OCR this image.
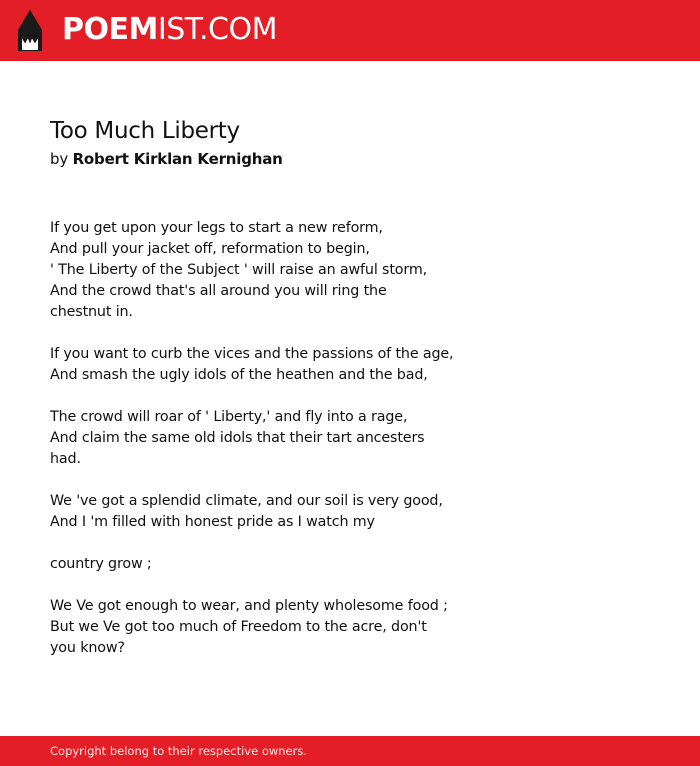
POEMIST.COM
Too Much Liberty
by Robert Kirklan Kernighan
If you get upon your legs to start a new reform,
And pull your jacket off, reformation to begin,
' The Liberty of the Subject ' will raise an awful storm,
And the crowd that's all around you will ring the
chestnut in.
If you want to curb the vices and the passions of the age,
And smash the ugly idols of the heathen and the bad,
The crowd will roar of ' Liberty,' and fly into a rage,
And claim the same old idols that their tart ancesters
had.
We 've got a splendid climate, and our soil is very good,
And I 'm filled with honest pride as I watch my
country grow ;
We Ve got enough to wear, and plenty wholesome food ;
But we Ve got too much of Freedom to the acre, don't
you know?
Copyright belong to their respective owners.
